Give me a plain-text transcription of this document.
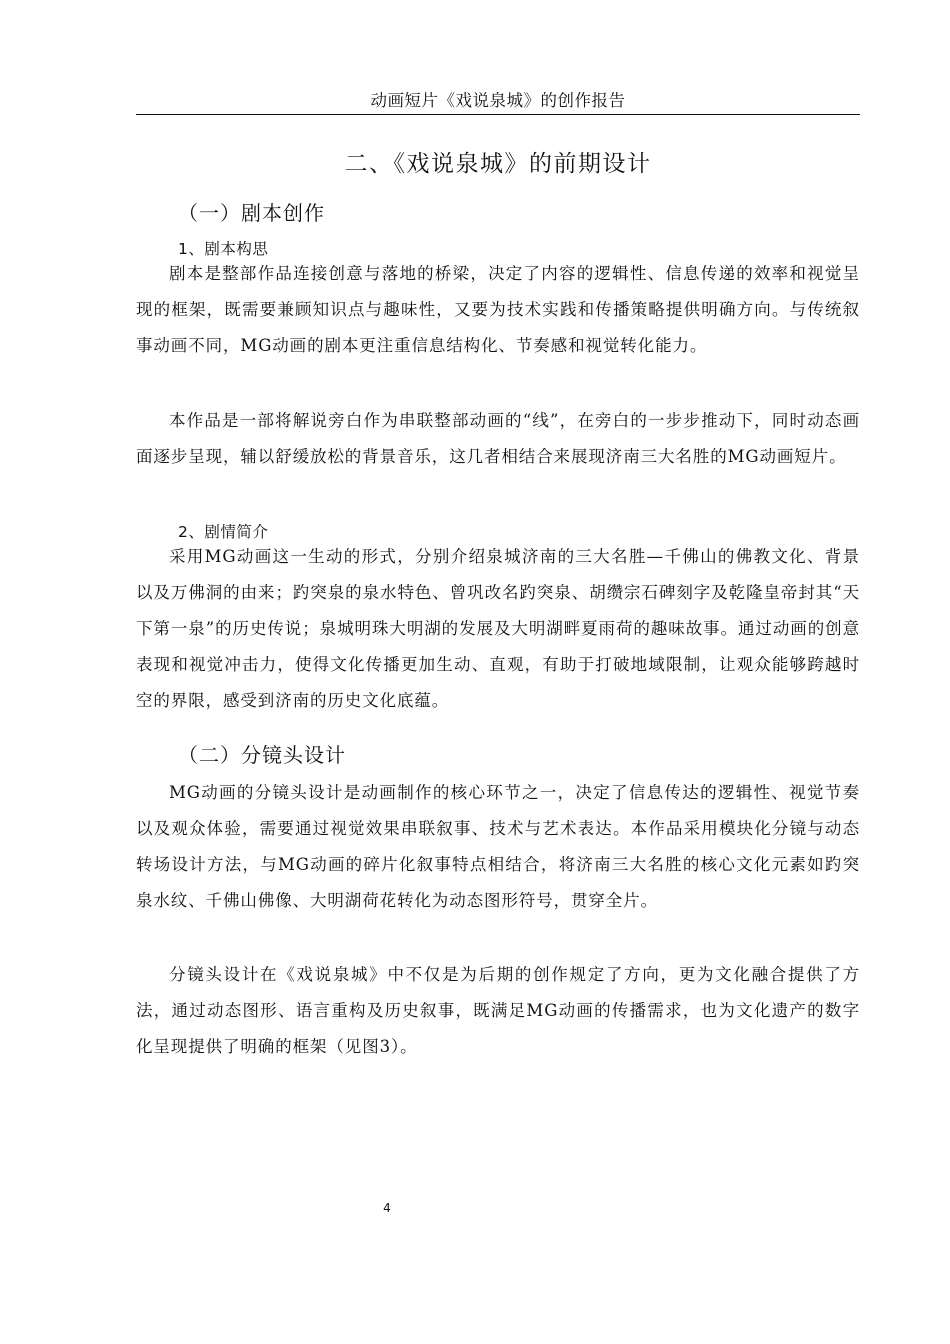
动画短片《戏说泉城》的创作报告
二、《戏说泉城》的前期设计
（一）剧本创作
1、剧本构思

剧本是整部作品连接创意与落地的桥梁，决定了内容的逻辑性、信息传递的效率和视觉呈现的框架，既需要兼顾知识点与趣味性，又要为技术实践和传播策略提供明确方向。与传统叙事动画不同，MG动画的剧本更注重信息结构化、节奏感和视觉转化能力。

本作品是一部将解说旁白作为串联整部动画的“线”，在旁白的一步步推动下，同时动态画面逐步呈现，辅以舒缓放松的背景音乐，这几者相结合来展现济南三大名胜的MG动画短片。

2、剧情简介

采用MG动画这一生动的形式，分别介绍泉城济南的三大名胜—千佛山的佛教文化、背景以及万佛洞的由来；趵突泉的泉水特色、曾巩改名趵突泉、胡缵宗石碑刻字及乾隆皇帝封其“天下第一泉”的历史传说；泉城明珠大明湖的发展及大明湖畔夏雨荷的趣味故事。通过动画的创意表现和视觉冲击力，使得文化传播更加生动、直观，有助于打破地域限制，让观众能够跨越时空的界限，感受到济南的历史文化底蕴。

（二）分镜头设计

MG动画的分镜头设计是动画制作的核心环节之一，决定了信息传达的逻辑性、视觉节奏以及观众体验，需要通过视觉效果串联叙事、技术与艺术表达。本作品采用模块化分镜与动态转场设计方法，与MG动画的碎片化叙事特点相结合，将济南三大名胜的核心文化元素如趵突泉水纹、千佛山佛像、大明湖荷花转化为动态图形符号，贯穿全片。

分镜头设计在《戏说泉城》中不仅是为后期的创作规定了方向，更为文化融合提供了方法，通过动态图形、语言重构及历史叙事，既满足MG动画的传播需求，也为文化遗产的数字化呈现提供了明确的框架（见图3）。

4
